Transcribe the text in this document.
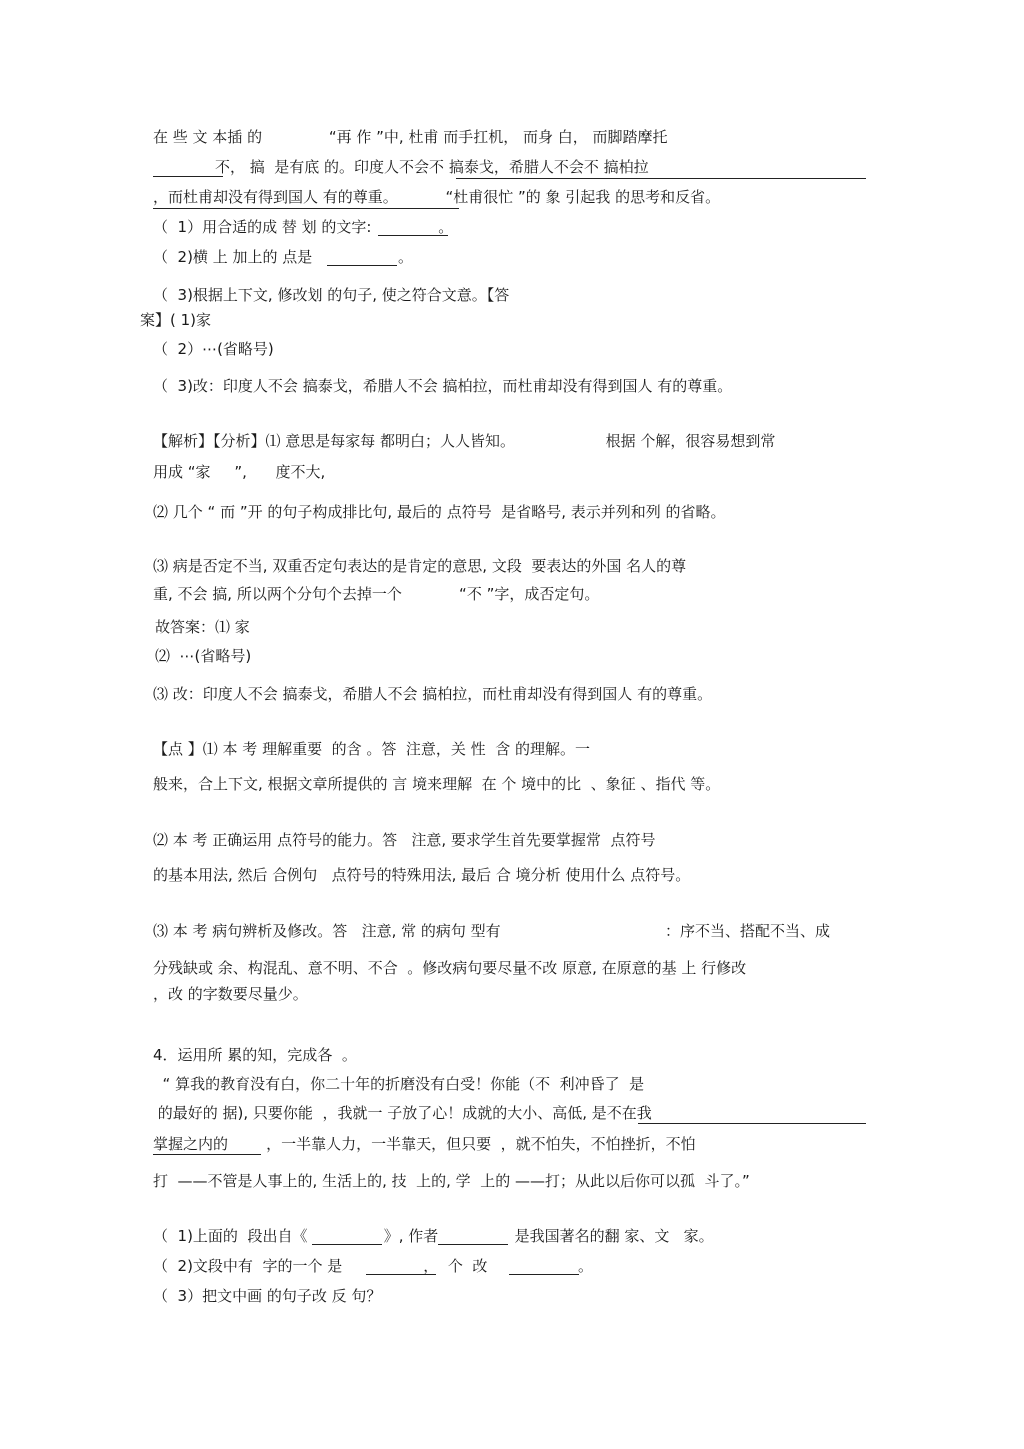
在 些 文 本插 的              “再 作 ”中, 杜甫 而手扛机， 而身 白， 而脚踏摩托
不， 搞  是有底 的。印度人不会不 搞泰戈，希腊人不会不 搞柏拉
，而杜甫却没有得到国人 有的尊重。          “杜甫很忙 ”的 象 引起我 的思考和反省。
（  1）用合适的成 替 划 的文字:              。
（  2)横 上 加上的 点是                  。
（  3)根据上下文, 修改划 的句子, 使之符合文意。【答
案】( 1)家
（  2）⋯(省略号)
（  3)改：印度人不会 搞泰戈，希腊人不会 搞柏拉，而杜甫却没有得到国人 有的尊重。
【解析】【分析】⑴ 意思是每家每 都明白；人人皆知。                   根据 个解，很容易想到常
用成 “家     ”,      度不大,
⑵ 几个 “ 而 ”开 的句子构成排比句, 最后的 点符号  是省略号, 表示并列和列 的省略。
⑶ 病是否定不当, 双重否定句表达的是肯定的意思, 文段  要表达的外国 名人的尊
重, 不会 搞, 所以两个分句个去掉一个            “不 ”字，成否定句。
故答案：⑴ 家
⑵  ⋯(省略号)
⑶ 改：印度人不会 搞泰戈，希腊人不会 搞柏拉，而杜甫却没有得到国人 有的尊重。
【点 】⑴ 本 考 理解重要  的含 。答  注意，关 性  含 的理解。一
般来，合上下文, 根据文章所提供的 言 境来理解  在 个 境中的比  、象征 、指代 等。
⑵ 本 考 正确运用 点符号的能力。答   注意, 要求学生首先要掌握常  点符号
的基本用法, 然后 合例句   点符号的特殊用法, 最后 合 境分析 使用什么 点符号。
⑶ 本 考 病句辨析及修改。答   注意, 常 的病句 型有	：序不当、搭配不当、成
分残缺或 余、构混乱、意不明、不合  。修改病句要尽量不改 原意, 在原意的基 上 行修改
，改 的字数要尽量少。
4．运用所 累的知，完成各  。
“ 算我的教育没有白，你二十年的折磨没有白受！你能（不  利冲昏了  是
的最好的 据), 只要你能  ，我就一 子放了心！成就的大小、高低, 是不在我
掌握之内的        ，一半靠人力，一半靠天，但只要  ，就不怕失，不怕挫折，不怕
打  ——不管是人事上的, 生活上的, 技  上的, 学  上的 ——打；从此以后你可以孤  斗了。”
（  1)上面的  段出自《                》, 作者                是我国著名的翻 家、文   家。
（  2)文段中有  字的一个 是                 ，  个  改                   。
（  3）把文中画 的句子改 反 句？
